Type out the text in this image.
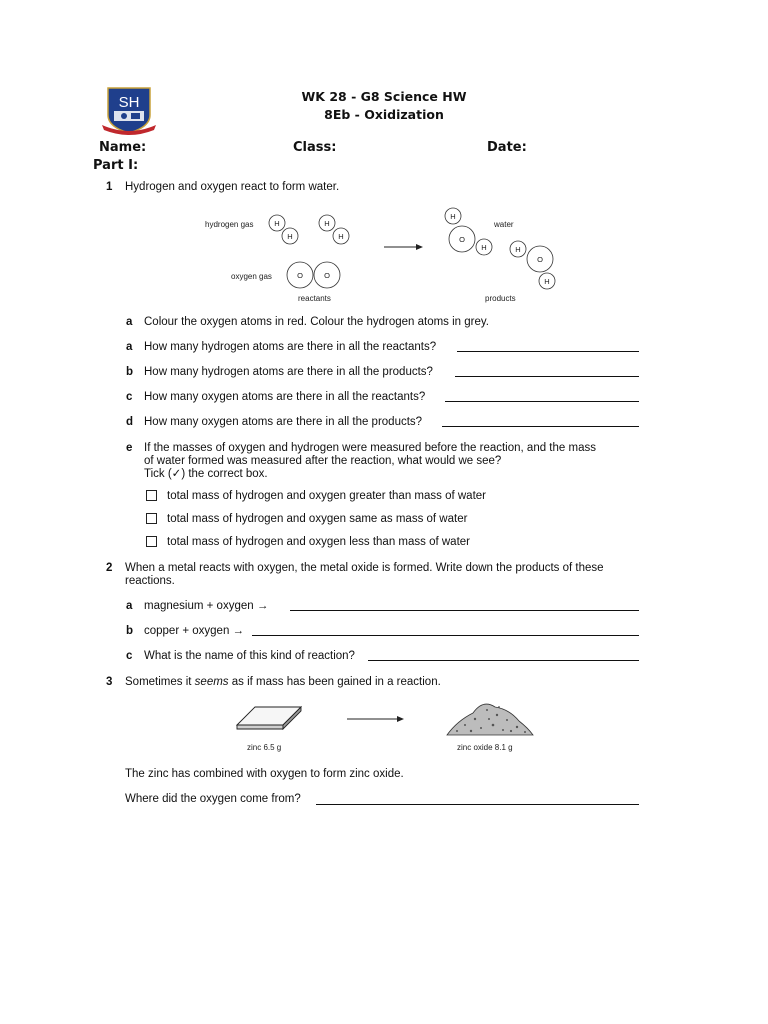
SH	WK 28 - G8 Science HW
8Eb - Oxidization
Name:	Class:	Date:
Part I:
1 Hydrogen and oxygen react to form water.
hydrogen gas
oxygen gas
reactants
water
products
H
H
H
H
O	O
H
O
H	H
O
H
a Colour the oxygen atoms in red. Colour the hydrogen atoms in grey.
a How many hydrogen atoms are there in all the reactants?
b How many hydrogen atoms are there in all the products?
c How many oxygen atoms are there in all the reactants?
d How many oxygen atoms are there in all the products?
e If the masses of oxygen and hydrogen were measured before the reaction, and the mass
of water formed was measured after the reaction, what would we see?
Tick (✓) the correct box.
total mass of hydrogen and oxygen greater than mass of water
total mass of hydrogen and oxygen same as mass of water
total mass of hydrogen and oxygen less than mass of water
2 When a metal reacts with oxygen, the metal oxide is formed. Write down the products of these
reactions.
a magnesium + oxygen →
b copper + oxygen →
c What is the name of this kind of reaction?
3 Sometimes it seems as if mass has been gained in a reaction.
zinc 6.5 g	zinc oxide 8.1 g
The zinc has combined with oxygen to form zinc oxide.
Where did the oxygen come from?
